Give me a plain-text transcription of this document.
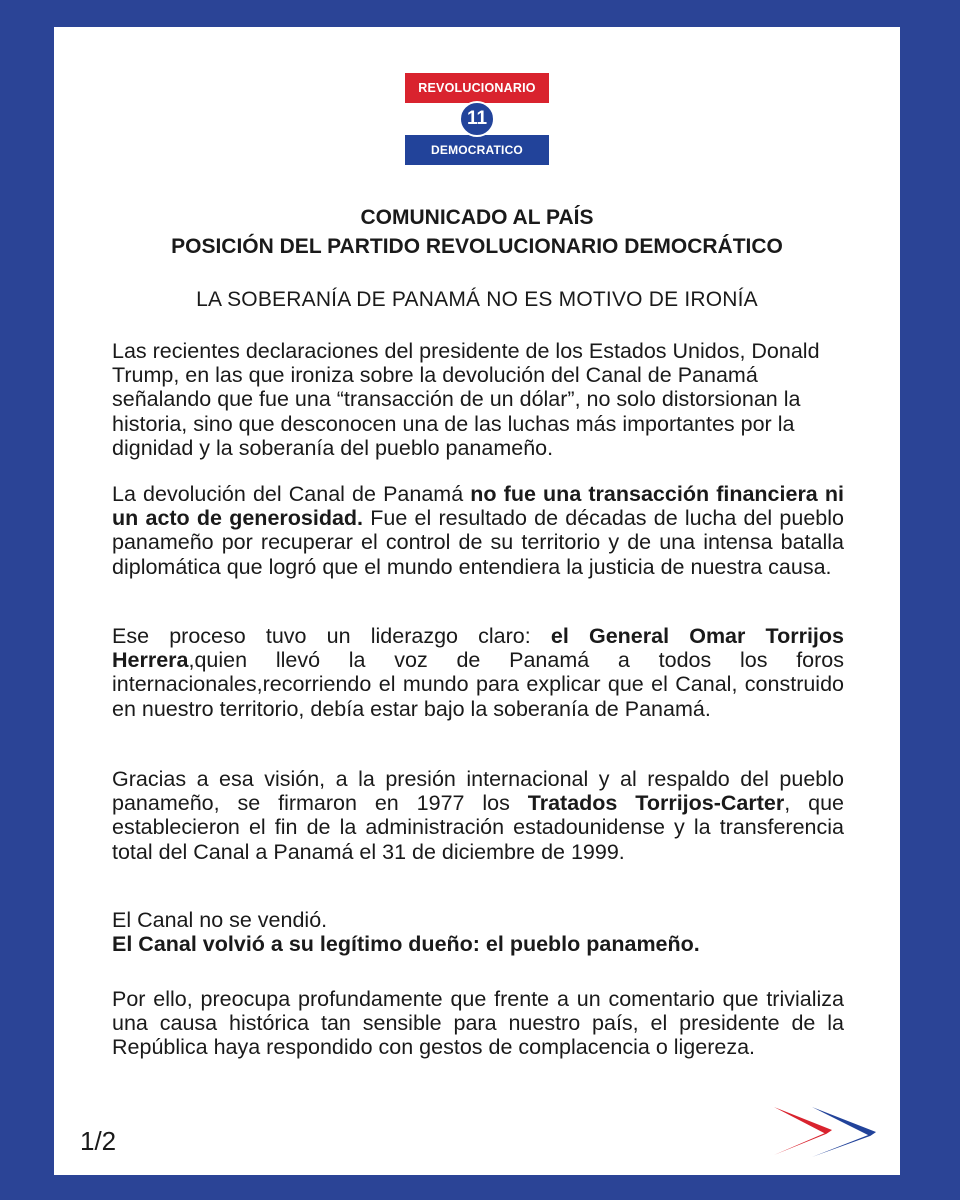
REVOLUCIONARIO
11
DEMOCRATICO
COMUNICADO AL PAÍS
POSICIÓN DEL PARTIDO REVOLUCIONARIO DEMOCRÁTICO
LA SOBERANÍA DE PANAMÁ NO ES MOTIVO DE IRONÍA
Las recientes declaraciones del presidente de los Estados Unidos, Donald Trump, en las que ironiza sobre la devolución del Canal de Panamá señalando que fue una “transacción de un dólar”, no solo distorsionan la historia, sino que desconocen una de las luchas más importantes por la dignidad y la soberanía del pueblo panameño.
La devolución del Canal de Panamá no fue una transacción financiera ni un acto de generosidad. Fue el resultado de décadas de lucha del pueblo panameño por recuperar el control de su territorio y de una intensa batalla diplomática que logró que el mundo entendiera la justicia de nuestra causa.
Ese proceso tuvo un liderazgo claro: el General Omar Torrijos Herrera,quien llevó la voz de Panamá a todos los foros internacionales,recorriendo el mundo para explicar que el Canal, construido en nuestro territorio, debía estar bajo la soberanía de Panamá.
Gracias a esa visión, a la presión internacional y al respaldo del pueblo panameño, se firmaron en 1977 los Tratados Torrijos-Carter, que establecieron el fin de la administración estadounidense y la transferencia total del Canal a Panamá el 31 de diciembre de 1999.
El Canal no se vendió.
El Canal volvió a su legítimo dueño: el pueblo panameño.
Por ello, preocupa profundamente que frente a un comentario que trivializa una causa histórica tan sensible para nuestro país, el presidente de la República haya respondido con gestos de complacencia o ligereza.
1/2
